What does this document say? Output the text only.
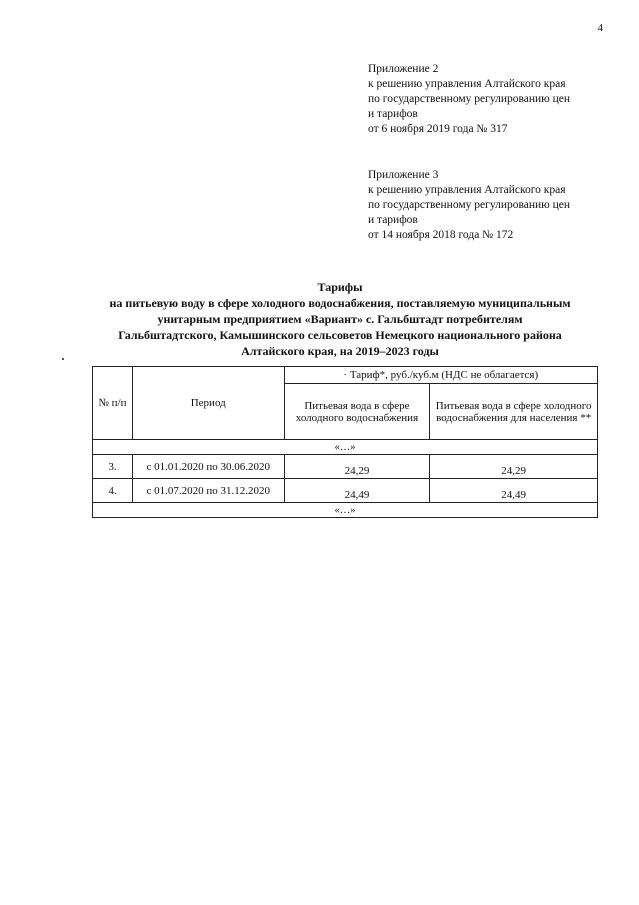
4
Приложение 2
к решению управления Алтайского края
по государственному регулированию цен
и тарифов
от 6 ноября 2019 года № 317
Приложение 3
к решению управления Алтайского края
по государственному регулированию цен
и тарифов
от 14 ноября 2018 года № 172
Тарифы
на питьевую воду в сфере холодного водоснабжения, поставляемую муниципальным
унитарным предприятием «Вариант» с. Гальбштадт потребителям
Гальбштадтского, Камышинского сельсоветов Немецкого национального района
Алтайского края, на 2019–2023 годы
№ п/п	Период	· Тариф*, руб./куб.м (НДС не облагается)	
		Питьевая вода в сфере холодного водоснабжения	Питьевая вода в сфере холодного водоснабжения для населения **
«…»			
3.	с 01.01.2020 по 30.06.2020	24,29	24,29
4.	с 01.07.2020 по 31.12.2020	24,49	24,49
«…»			
